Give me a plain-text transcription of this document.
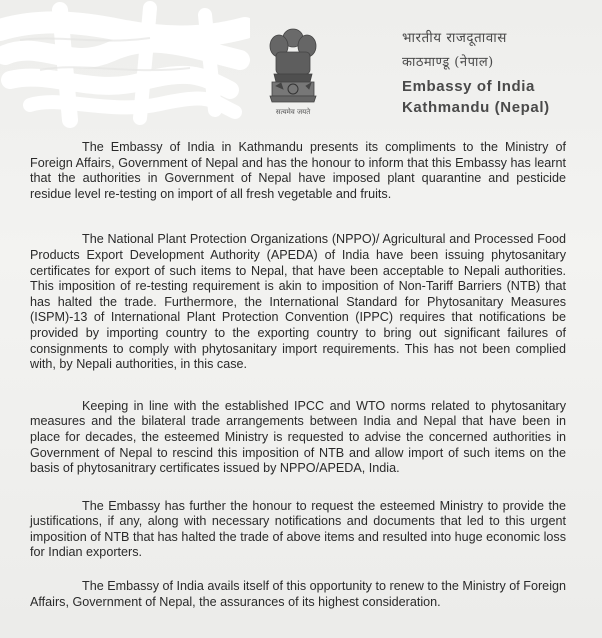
सत्यमेव जयते
भारतीय राजदूतावास
काठमाण्डू (नेपाल)
Embassy of India
Kathmandu (Nepal)

The Embassy of India in Kathmandu presents its compliments to the Ministry of Foreign Affairs, Government of Nepal and has the honour to inform that this Embassy has learnt that the authorities in Government of Nepal have imposed plant quarantine and pesticide residue level re-testing on import of all fresh vegetable and fruits.

The National Plant Protection Organizations (NPPO)/ Agricultural and Processed Food Products Export Development Authority (APEDA) of India have been issuing phytosanitary certificates for export of such items to Nepal, that have been acceptable to Nepali authorities. This imposition of re-testing requirement is akin to imposition of Non-Tariff Barriers (NTB) that has halted the trade. Furthermore, the International Standard for Phytosanitary Measures (ISPM)-13 of International Plant Protection Convention (IPPC) requires that notifications be provided by importing country to the exporting country to bring out significant failures of consignments to comply with phytosanitary import requirements. This has not been complied with, by Nepali authorities, in this case.

Keeping in line with the established IPCC and WTO norms related to phytosanitary measures and the bilateral trade arrangements between India and Nepal that have been in place for decades, the esteemed Ministry is requested to advise the concerned authorities in Government of Nepal to rescind this imposition of NTB and allow import of such items on the basis of phytosanitrary certificates issued by NPPO/APEDA, India.

The Embassy has further the honour to request the esteemed Ministry to provide the justifications, if any, along with necessary notifications and documents that led to this urgent imposition of NTB that has halted the trade of above items and resulted into huge economic loss for Indian exporters.

The Embassy of India avails itself of this opportunity to renew to the Ministry of Foreign Affairs, Government of Nepal, the assurances of its highest consideration.
